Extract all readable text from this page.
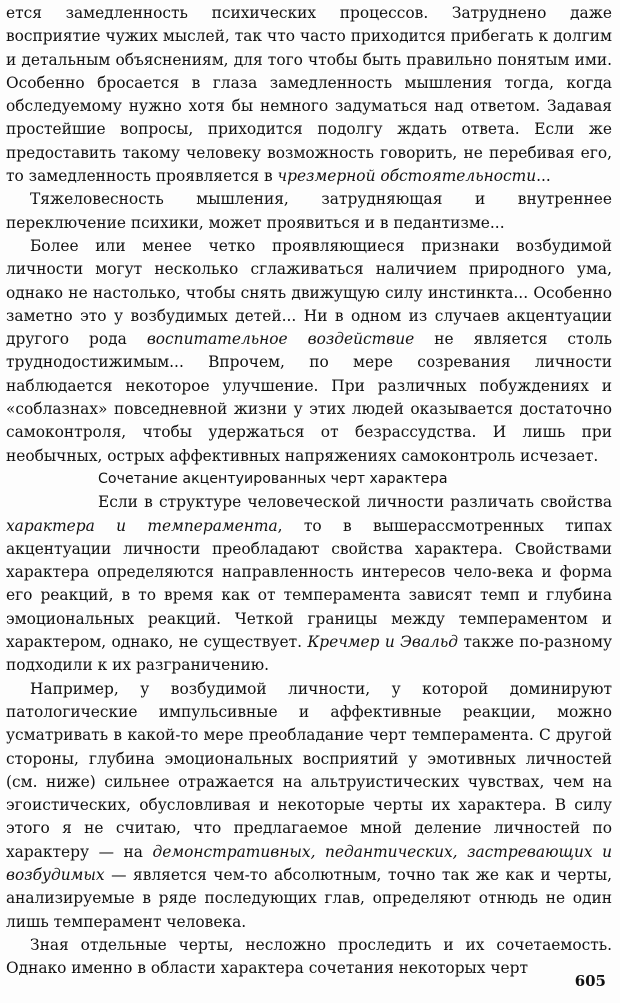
ется замедленность психических процессов. Затруднено даже восприятие чужих мыслей, так что часто приходится прибегать к долгим и детальным объяснениям, для того чтобы быть правильно понятым ими. Особенно бросается в глаза замедленность мышления тогда, когда обследуемому нужно хотя бы немного задуматься над ответом. Задавая простейшие вопросы, приходится подолгу ждать ответа. Если же предоставить такому человеку возможность говорить, не перебивая его, то замедленность проявляется в чрезмерной обстоятельности...

Тяжеловесность мышления, затрудняющая и внутреннее переключение психики, может проявиться и в педантизме...

Более или менее четко проявляющиеся признаки возбудимой личности могут несколько сглаживаться наличием природного ума, однако не настолько, чтобы снять движущую силу инстинкта... Особенно заметно это у возбудимых детей... Ни в одном из случаев акцентуации другого рода воспитательное воздействие не является столь труднодостижимым... Впрочем, по мере созревания личности наблюдается некоторое улучшение. При различных побуждениях и «соблазнах» повседневной жизни у этих людей оказывается достаточно самоконтроля, чтобы удержаться от безрассудства. И лишь при необычных, острых аффективных напряжениях самоконтроль исчезает.

Сочетание акцентуированных черт характера

Если в структуре человеческой личности различать свойства характера и темперамента, то в вышерассмотренных типах акцентуации личности преобладают свойства характера. Свойствами характера определяются направленность интересов чело-века и форма его реакций, в то время как от темперамента зависят темп и глубина эмоциональных реакций. Четкой границы между темпераментом и характером, однако, не существует. Кречмер и Эвальд также по-разному подходили к их разграничению.

Например, у возбудимой личности, у которой доминируют патологические импульсивные и аффективные реакции, можно усматривать в какой-то мере преобладание черт темперамента. С другой стороны, глубина эмоциональных восприятий у эмотивных личностей (см. ниже) сильнее отражается на альтруистических чувствах, чем на эгоистических, обусловливая и некоторые черты их характера. В силу этого я не считаю, что предлагаемое мной деление личностей по характеру — на демонстративных, педантических, застревающих и возбудимых — является чем-то абсолютным, точно так же как и черты, анализируемые в ряде последующих глав, определяют отнюдь не один лишь темперамент человека.

Зная отдельные черты, несложно проследить и их сочетаемость. Однако именно в области характера сочетания некоторых черт

605
